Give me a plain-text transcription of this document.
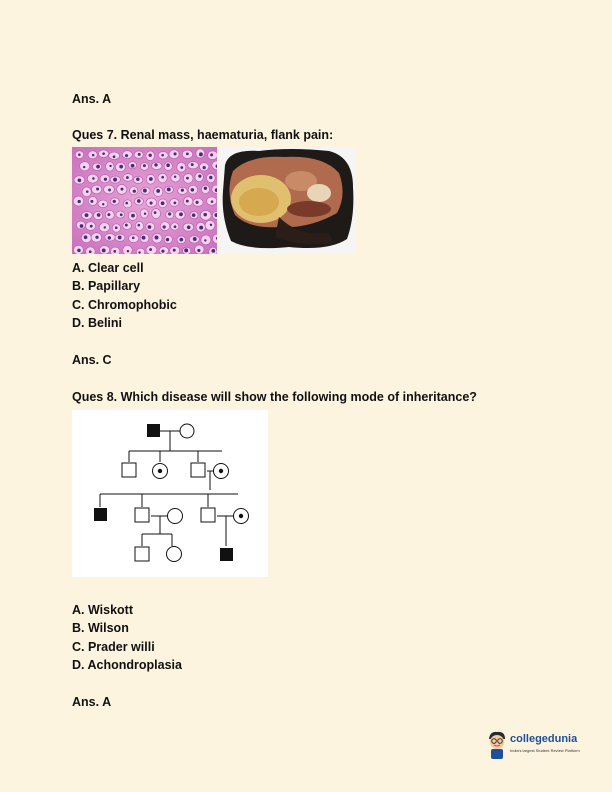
Ans. A
Ques 7. Renal mass, haematuria, flank pain:
A. Clear cell
B. Papillary
C. Chromophobic
D. Belini
Ans. C
Ques 8. Which disease will show the following mode of inheritance?
A. Wiskott
B. Wilson
C. Prader willi
D. Achondroplasia
Ans. A
collegedunia
India's largest Student Review Platform
